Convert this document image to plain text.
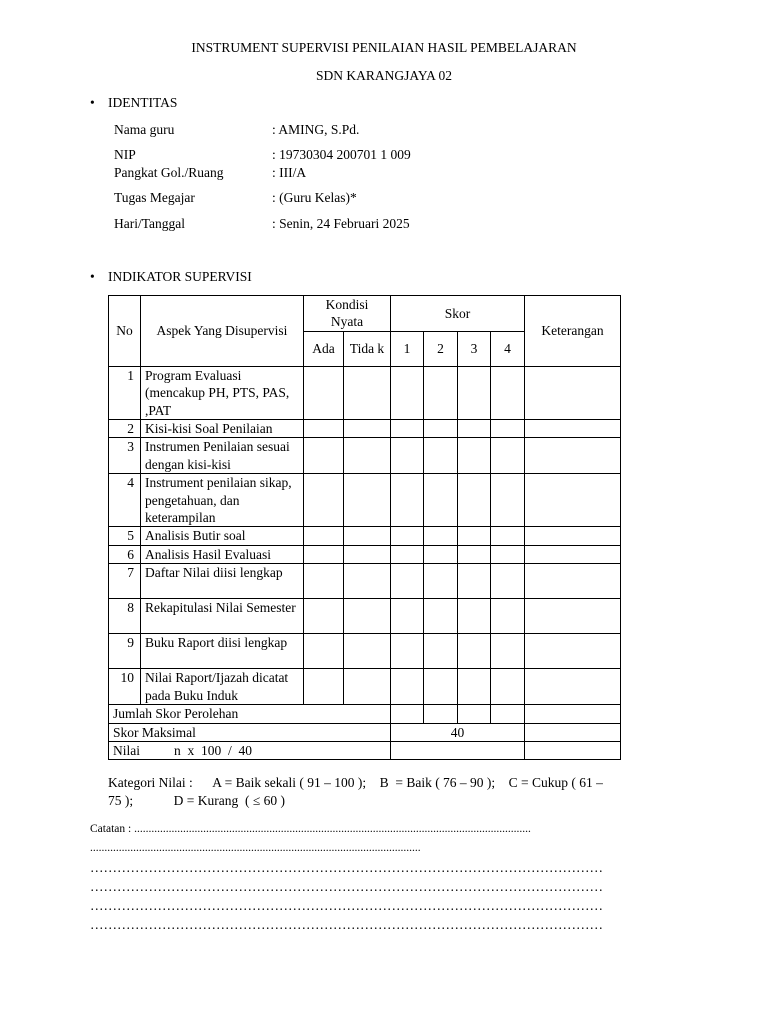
INSTRUMENT SUPERVISI PENILAIAN HASIL PEMBELAJARAN
SDN KARANGJAYA 02
• IDENTITAS
Nama guru	: AMING, S.Pd.
NIP	: 19730304 200701 1 009
Pangkat Gol./Ruang	: III/A
Tugas Megajar	: (Guru Kelas)*
Hari/Tanggal	: Senin, 24 Februari 2025
• INDIKATOR SUPERVISI
No	Aspek Yang Disupervisi	Kondisi Nyata		Skor				Keterangan
		Ada	Tida k	1	2	3	4	
1	Program Evaluasi (mencakup PH, PTS, PAS, ,PAT							
2	Kisi-kisi Soal Penilaian							
3	Instrumen Penilaian sesuai dengan kisi-kisi							
4	Instrument penilaian sikap, pengetahuan, dan keterampilan							
5	Analisis Butir soal							
6	Analisis Hasil Evaluasi							
7	Daftar Nilai diisi lengkap							
8	Rekapitulasi Nilai Semester							
9	Buku Raport diisi lengkap							
10	Nilai Raport/Ijazah dicatat pada Buku Induk							
Jumlah Skor Perolehan								
Skor Maksimal				40				
Nilai n  x  100  /  40								
Kategori Nilai :      A = Baik sekali ( 91 – 100 );    B  = Baik ( 76 – 90 );    C = Cukup ( 61 –
75 );            D = Kurang  ( ≤ 60 )
Catatan : ..........................................................................................................................................
...................................................................................................................
……………………………………………………………………………………………………
……………………………………………………………………………………………………
……………………………………………………………………………………………………
……………………………………………………………………………………………………
